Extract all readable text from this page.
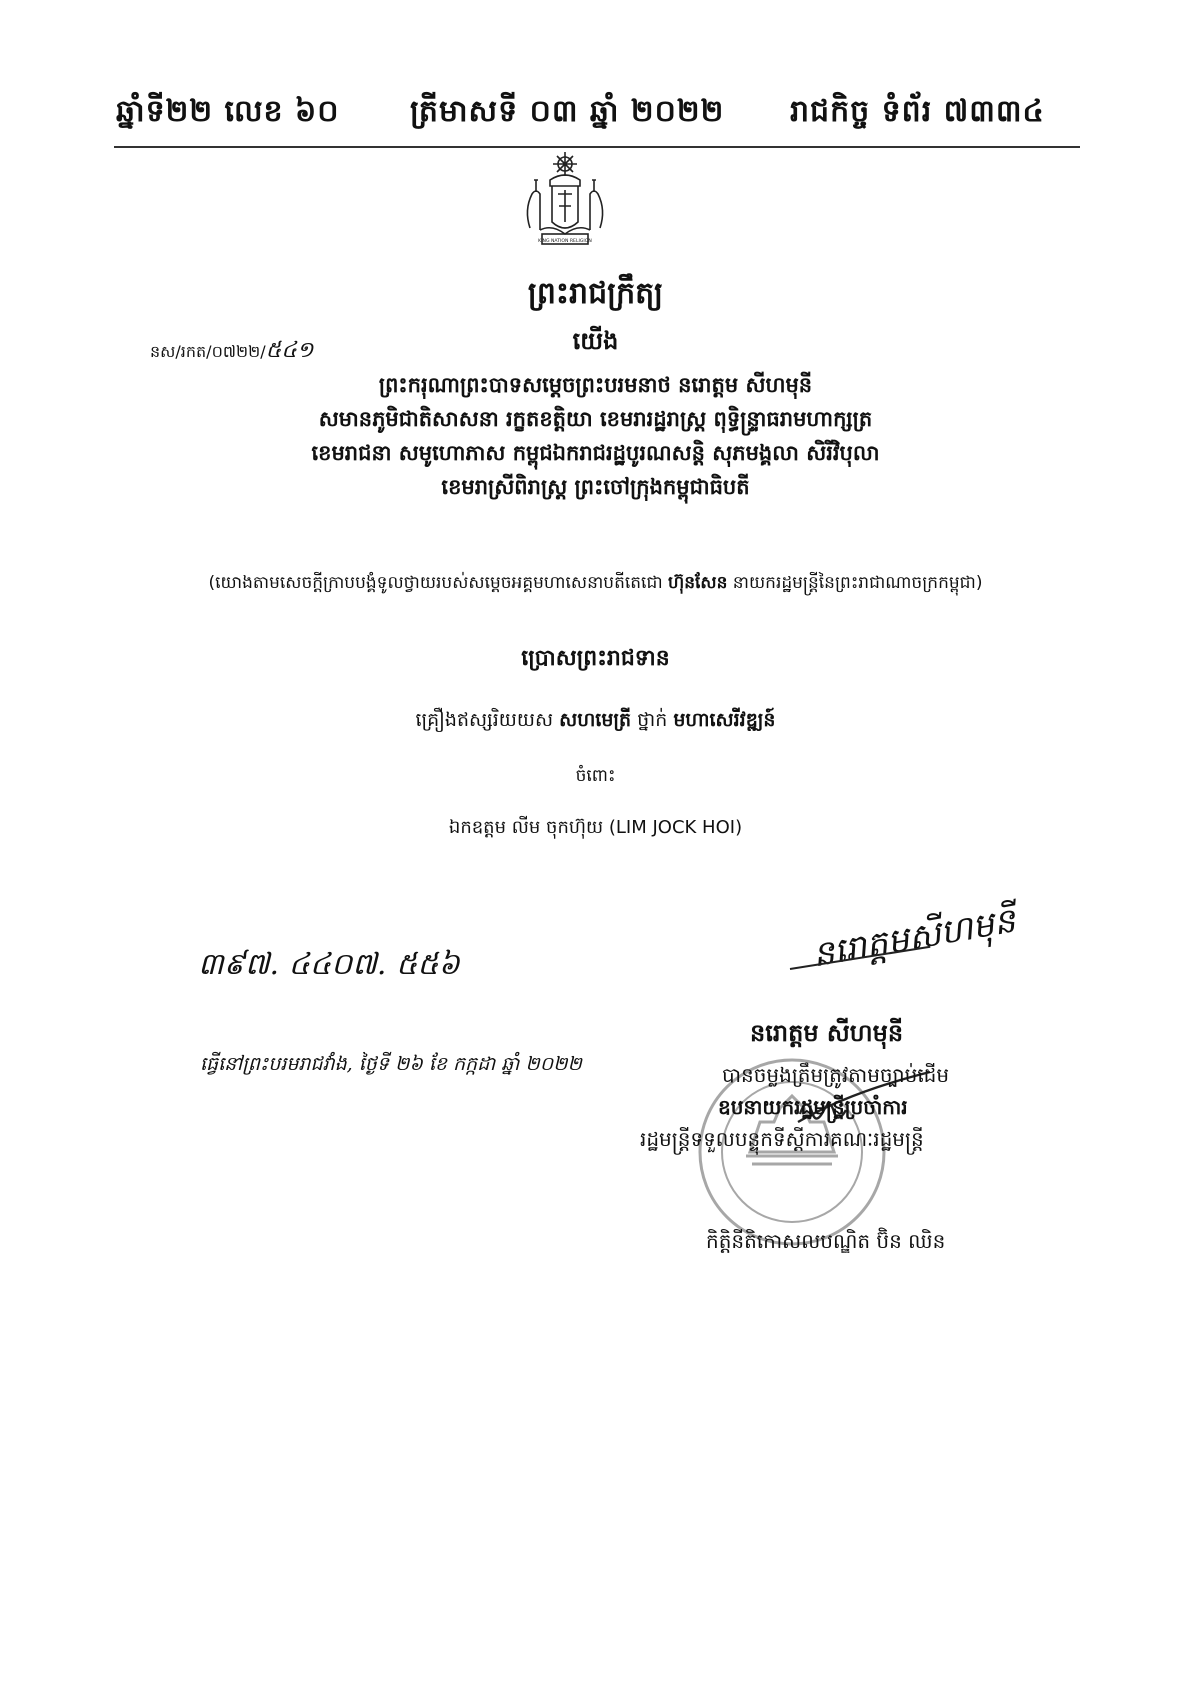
ឆ្នាំទី២២ លេខ ៦០ ត្រីមាសទី ០៣ ឆ្នាំ ២០២២ រាជកិច្ច ទំព័រ ៧៣៣៤
KING NATION RELIGION
ព្រះរាជក្រឹត្យ
នស/រកត/០៧២២/៥៤១	យើង
ព្រះករុណាព្រះបាទសម្តេចព្រះបរមនាថ នរោត្តម សីហមុនី
សមានភូមិជាតិសាសនា រក្ខតខត្តិយា ខេមរារដ្ឋរាស្ត្រ ពុទ្ធិន្ទ្រាធរាមហាក្សត្រ
ខេមរាជនា សមូហោភាស កម្ពុជឯករាជរដ្ឋបូរណសន្តិ សុភមង្គលា សិរីវិបុលា
ខេមរាស្រីពិរាស្ត្រ ព្រះចៅក្រុងកម្ពុជាធិបតី
(យោងតាមសេចក្តីក្រាបបង្គំទូលថ្វាយរបស់សម្តេចអគ្គមហាសេនាបតីតេជោ ហ៊ុនសែន នាយករដ្ឋមន្ត្រីនៃព្រះរាជាណាចក្រកម្ពុជា)
ប្រោសព្រះរាជទាន
គ្រឿងឥស្សរិយយស សហមេត្រី ថ្នាក់ មហាសេរីវឌ្ឍន៍
ចំពោះ
ឯកឧត្តម លីម ចុកហ៊ុយ (LIM JOCK HOI)
៣៩៧. ៤៤០៧. ៥៥៦
ធ្វើនៅព្រះបរមរាជវាំង, ថ្ងៃទី ២៦ ខែ កក្កដា ឆ្នាំ ២០២២
នរោត្តមសីហមុនី
នរោត្តម សីហមុនី
បានចម្លងត្រឹមត្រូវតាមច្បាប់ដើម
ឧបនាយករដ្ឋមន្ត្រីប្រចាំការ
រដ្ឋមន្ត្រីទទួលបន្ទុកទីស្តីការគណៈរដ្ឋមន្ត្រី
កិត្តិនីតិកោសលបណ្ឌិត ប៊ិន ឈិន
